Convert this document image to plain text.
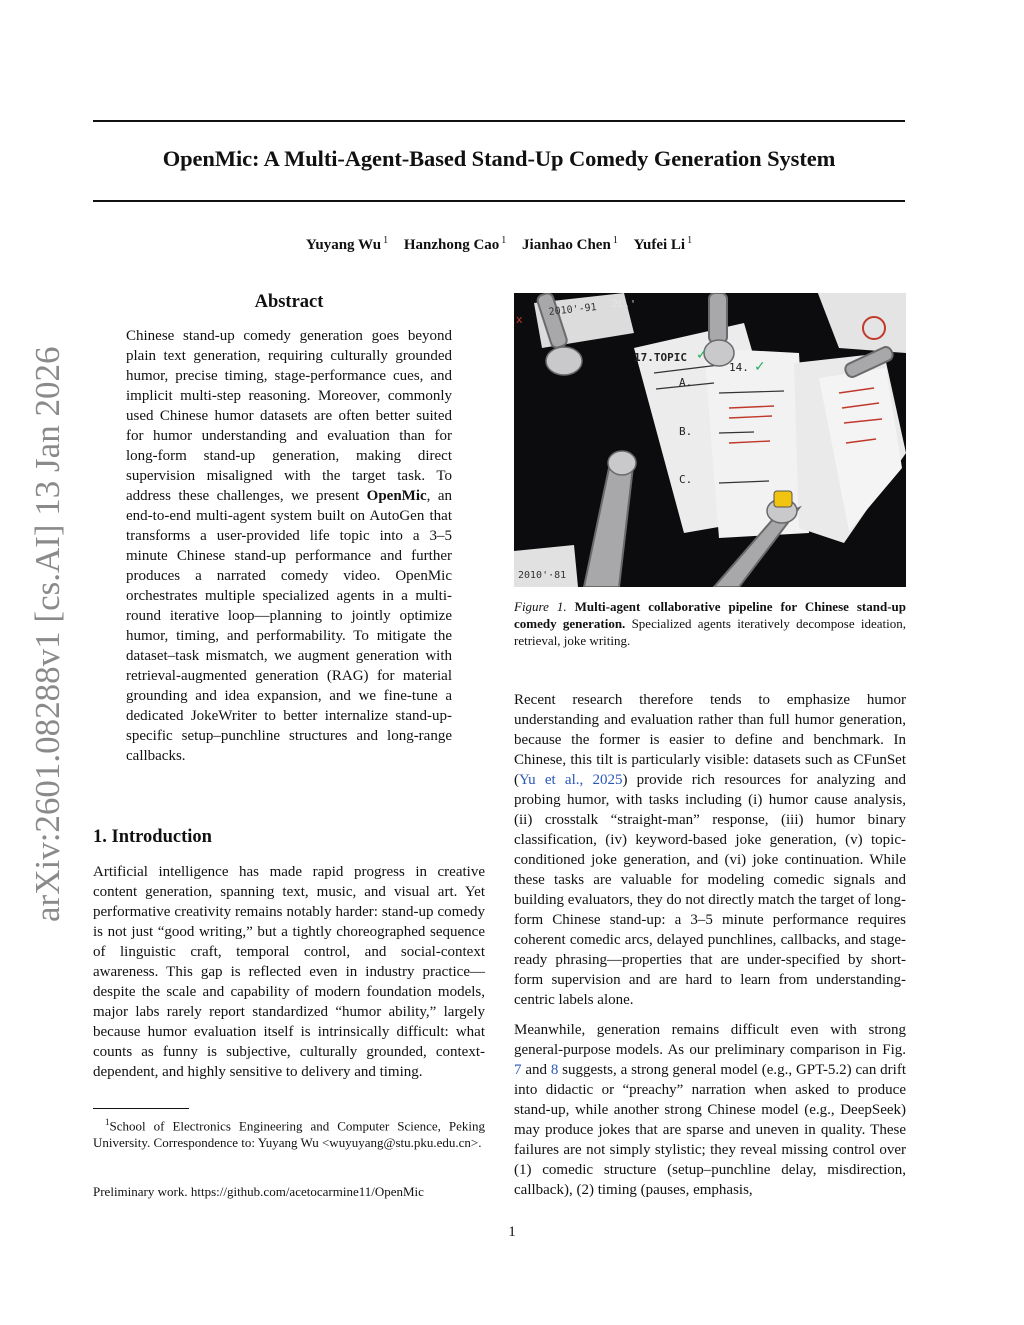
OpenMic: A Multi-Agent-Based Stand-Up Comedy Generation System
Yuyang Wu $^1$ Hanzhong Cao $^1$ Jianhao Chen $^1$ Yufei Li $^1$
arXiv:2601.08288v1 [cs.AI] 13 Jan 2026
Abstract

Chinese stand-up comedy generation goes beyond plain text generation, requiring culturally grounded humor, precise timing, stage-performance cues, and implicit multi-step reasoning. Moreover, commonly used Chinese humor datasets are often better suited for humor understanding and evaluation than for long-form stand-up generation, making direct supervision misaligned with the target task. To address these challenges, we present OpenMic, an end-to-end multi-agent system built on AutoGen that transforms a user-provided life topic into a 3–5 minute Chinese stand-up performance and further produces a narrated comedy video. OpenMic orchestrates multiple specialized agents in a multi-round iterative loop—planning to jointly optimize humor, timing, and performability. To mitigate the dataset–task mismatch, we augment generation with retrieval-augmented generation (RAG) for material grounding and idea expansion, and we fine-tune a dedicated JokeWriter to better internalize stand-up-specific setup–punchline structures and long-range callbacks.

1. Introduction

Artificial intelligence has made rapid progress in creative content generation, spanning text, music, and visual art. Yet performative creativity remains notably harder: stand-up comedy is not just “good writing,” but a tightly choreographed sequence of linguistic craft, temporal control, and social-context awareness. This gap is reflected even in industry practice—despite the scale and capability of modern foundation models, major labs rarely report standardized “humor ability,” largely because humor evaluation itself is intrinsically difficult: what counts as funny is subjective, culturally grounded, context-dependent, and highly sensitive to delivery and timing.

$^1$School of Electronics Engineering and Computer Science, Peking University. Correspondence to: Yuyang Wu <wuyuyang@stu.pku.edu.cn>.

Preliminary work. https://github.com/acetocarmine11/OpenMic

17.TOPIC ✓
14. ✓
A.
B.
C.
2010'-91
2010'·81
2C.'
x

Figure 1. Multi-agent collaborative pipeline for Chinese stand-up comedy generation. Specialized agents iteratively decompose ideation, retrieval, joke writing.

Recent research therefore tends to emphasize humor understanding and evaluation rather than full humor generation, because the former is easier to define and benchmark. In Chinese, this tilt is particularly visible: datasets such as CFunSet (Yu et al., 2025) provide rich resources for analyzing and probing humor, with tasks including (i) humor cause analysis, (ii) crosstalk “straight-man” response, (iii) humor binary classification, (iv) keyword-based joke generation, (v) topic-conditioned joke generation, and (vi) joke continuation. While these tasks are valuable for modeling comedic signals and building evaluators, they do not directly match the target of long-form Chinese stand-up: a 3–5 minute performance requires coherent comedic arcs, delayed punchlines, callbacks, and stage-ready phrasing—properties that are under-specified by short-form supervision and are hard to learn from understanding-centric labels alone.

Meanwhile, generation remains difficult even with strong general-purpose models. As our preliminary comparison in Fig. 7 and 8 suggests, a strong general model (e.g., GPT-5.2) can drift into didactic or “preachy” narration when asked to produce stand-up, while another strong Chinese model (e.g., DeepSeek) may produce jokes that are sparse and uneven in quality. These failures are not simply stylistic; they reveal missing control over (1) comedic structure (setup–punchline delay, misdirection, callback), (2) timing (pauses, emphasis,

1
